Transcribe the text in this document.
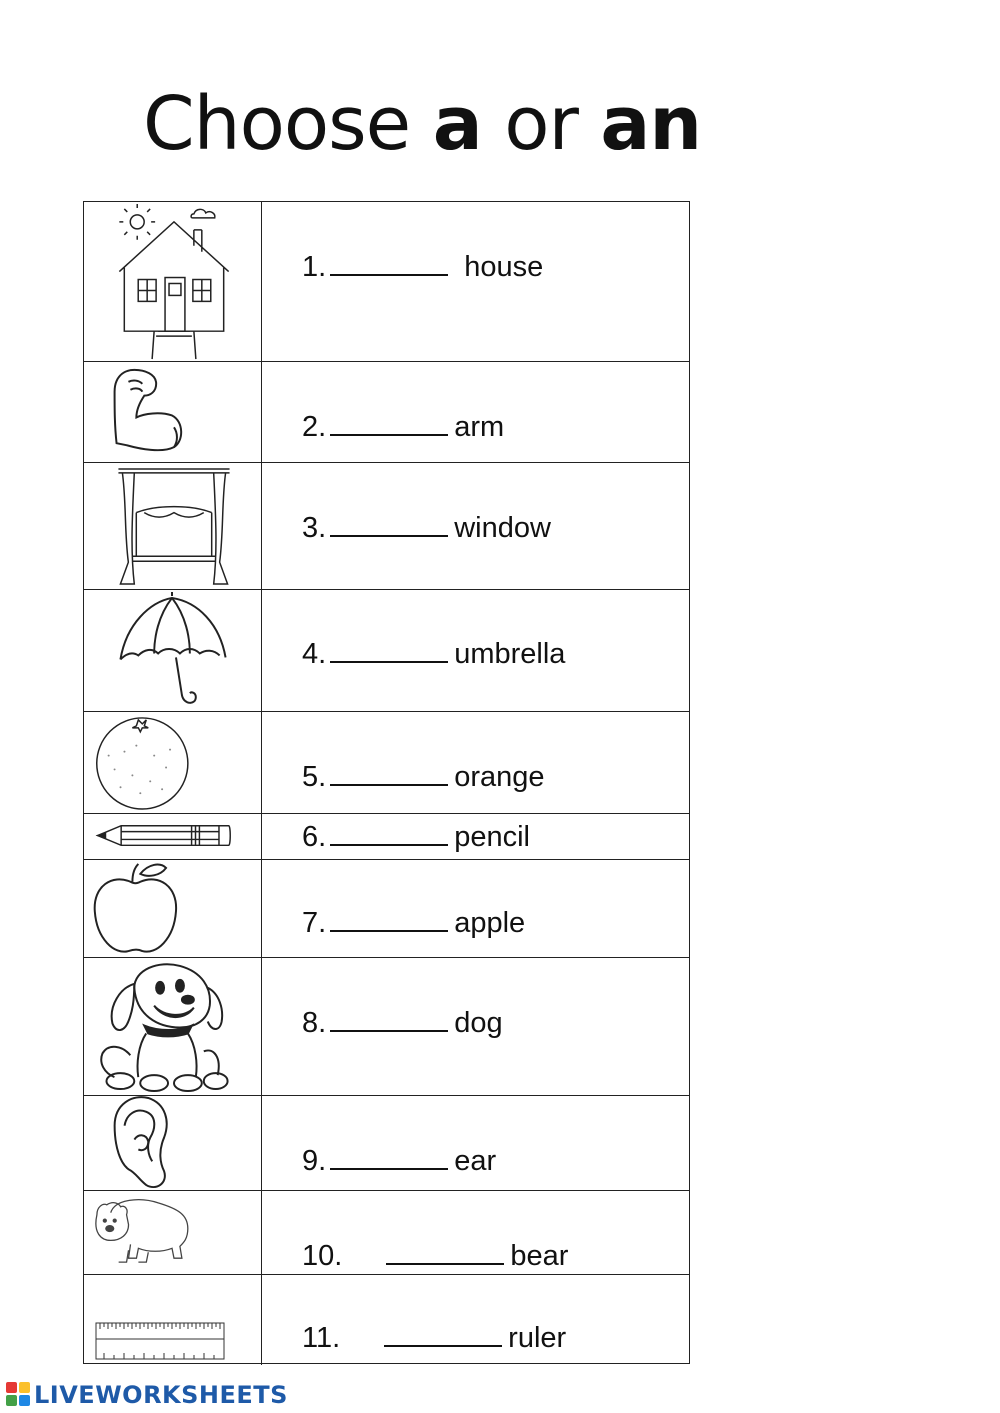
Choose a or an
1.	house
2.	arm
3.	window
4.	umbrella
5.	orange
6.	pencil
7.	apple
8.	dog
9.	ear
10.	bear
11.	ruler
LIVEWORKSHEETS
